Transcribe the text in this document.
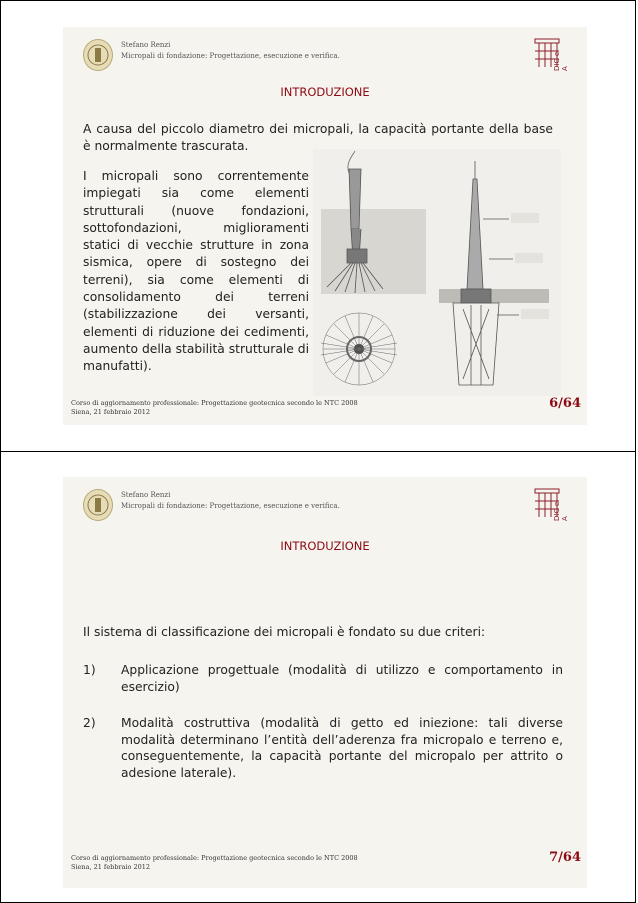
Stefano Renzi
Micropali di fondazione: Progettazione, esecuzione e verifica.	DIC-e-A
INTRODUZIONE
A causa del piccolo diametro dei micropali, la capacità portante della base è normalmente trascurata.
I micropali sono correntemente impiegati sia come elementi strutturali (nuove fondazioni, sottofondazioni, miglioramenti statici di vecchie strutture in zona sismica, opere di sostegno dei terreni), sia come elementi di consolidamento dei terreni (stabilizzazione dei versanti, elementi di riduzione dei cedimenti, aumento della stabilità strutturale di manufatti).
Corso di aggiornamento professionale: Progettazione geotecnica secondo le NTC 2008
Siena, 21 febbraio 2012
6/64
Stefano Renzi
Micropali di fondazione: Progettazione, esecuzione e verifica.	DIC-e-A
INTRODUZIONE
Il sistema di classificazione dei micropali è fondato su due criteri:
1) Applicazione progettuale (modalità di utilizzo e comportamento in esercizio)
2) Modalità costruttiva (modalità di getto ed iniezione: tali diverse modalità determinano l’entità dell’aderenza fra micropalo e terreno e, conseguentemente, la capacità portante del micropalo per attrito o adesione laterale).
Corso di aggiornamento professionale: Progettazione geotecnica secondo le NTC 2008
Siena, 21 febbraio 2012
7/64
